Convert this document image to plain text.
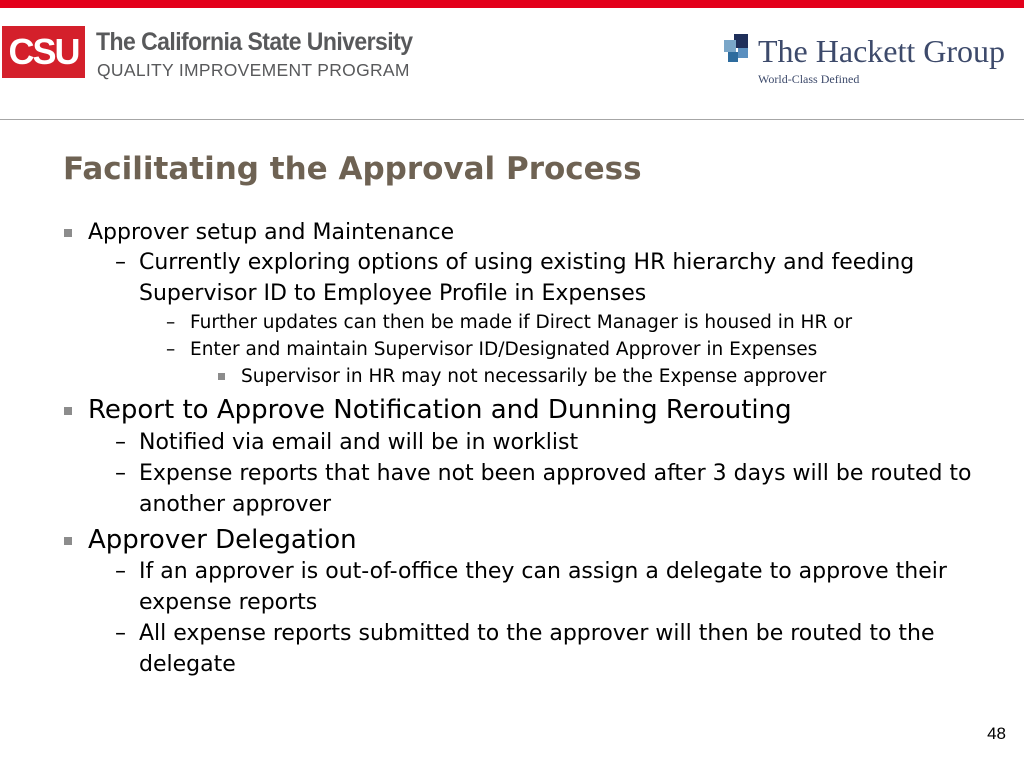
CSU The California State University

QUALITY IMPROVEMENT PROGRAM

The Hackett Group

World-Class Defined

Facilitating the Approval Process
Approver setup and Maintenance
– Currently exploring options of using existing HR hierarchy and feeding Supervisor ID to Employee Profile in Expenses
– Further updates can then be made if Direct Manager is housed in HR or
– Enter and maintain Supervisor ID/Designated Approver in Expenses
Supervisor in HR may not necessarily be the Expense approver
Report to Approve Notification and Dunning Rerouting
– Notified via email and will be in worklist
– Expense reports that have not been approved after 3 days will be routed to another approver
Approver Delegation
– If an approver is out-of-office they can assign a delegate to approve their expense reports
– All expense reports submitted to the approver will then be routed to the delegate

48
